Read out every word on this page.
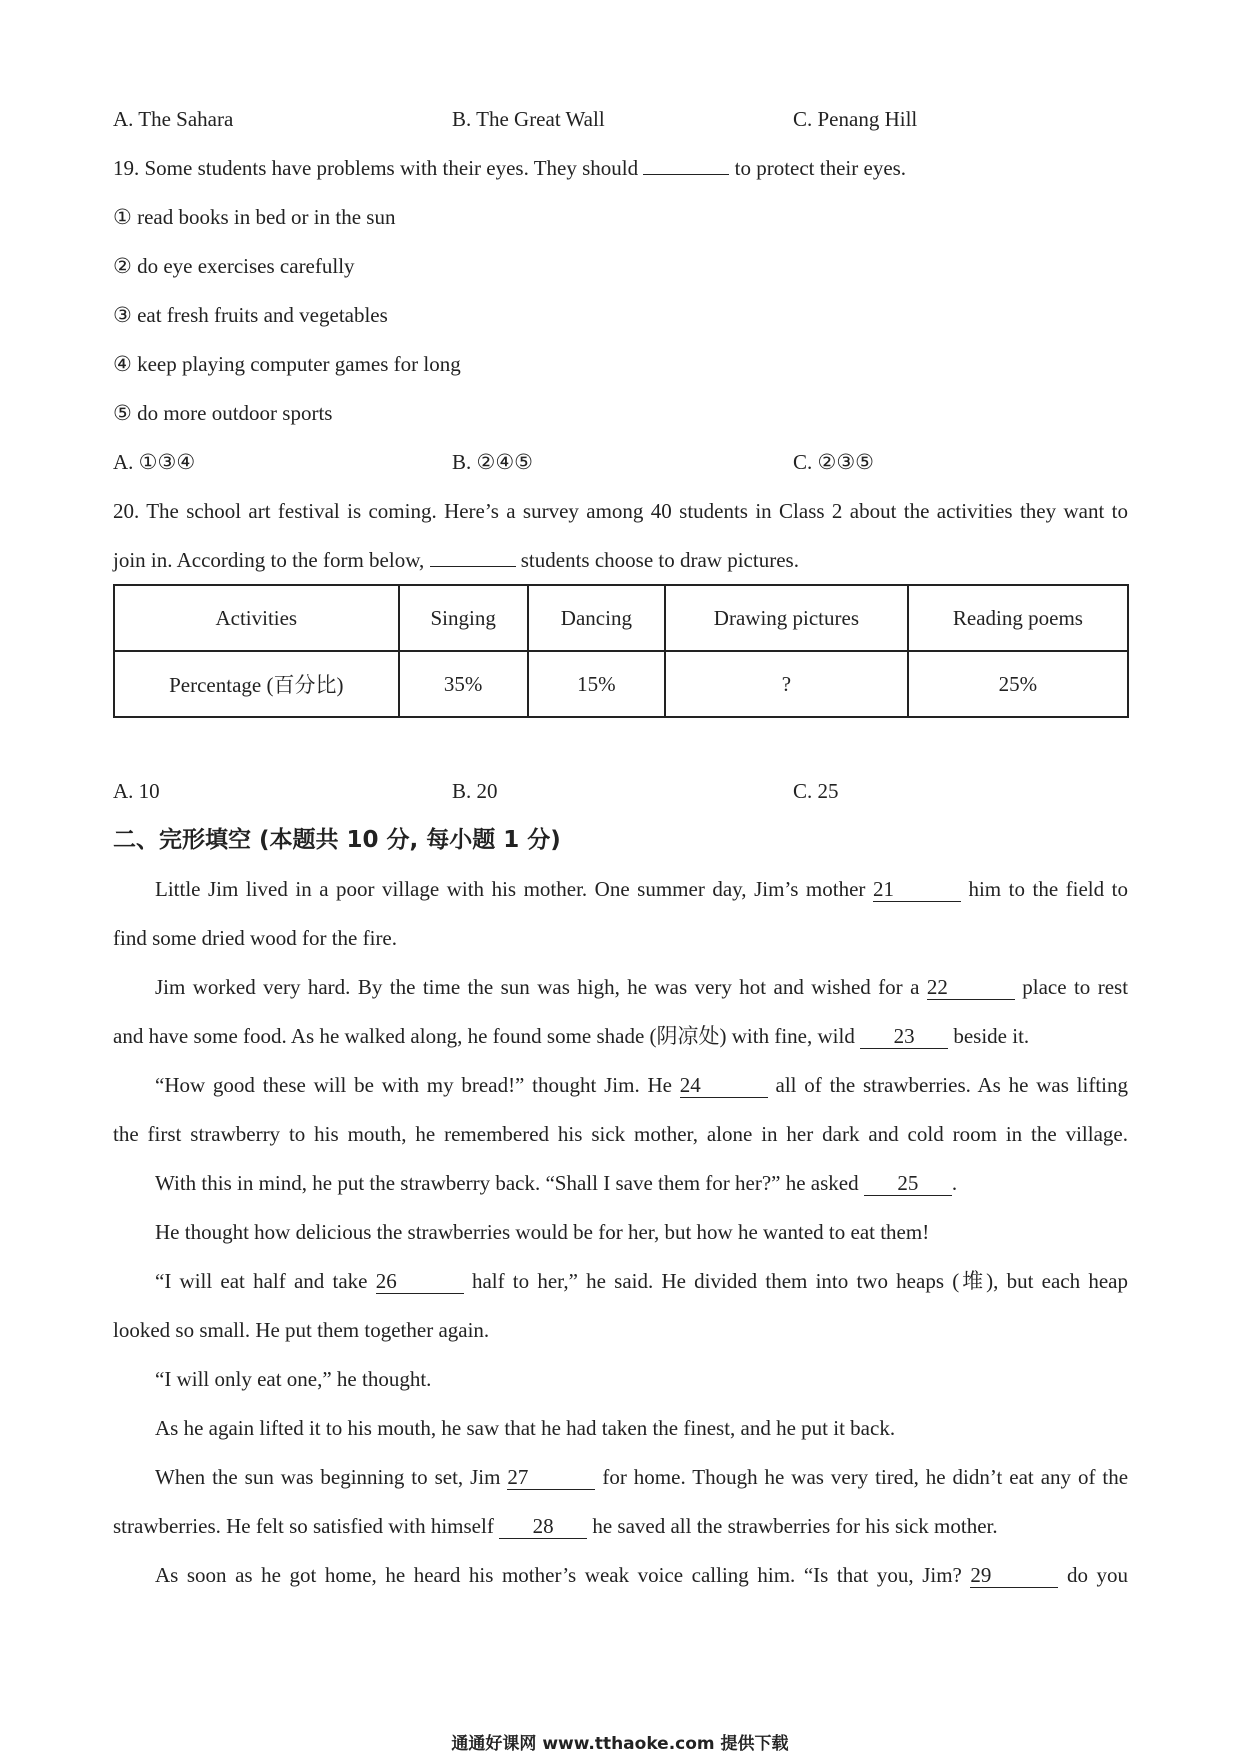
A. The Sahara	B. The Great Wall	C. Penang Hill
19. Some students have problems with their eyes. They should	to protect their eyes.
① read books in bed or in the sun
② do eye exercises carefully
③ eat fresh fruits and vegetables
④ keep playing computer games for long
⑤ do more outdoor sports
A. ①③④	B. ②④⑤	C. ②③⑤
20. The school art festival is coming. Here’s a survey among 40 students in Class 2 about the activities they want to
join in. According to the form below,	students choose to draw pictures.
Activities	Singing	Dancing	Drawing pictures	Reading poems
Percentage (百分比)	35%	15%	?	25%
A. 10	B. 20	C. 25
二、完形填空 (本题共 10 分, 每小题 1 分)
Little Jim lived in a poor village with his mother. One summer day, Jim’s mother 21	him to the field to
find some dried wood for the fire.
Jim worked very hard. By the time the sun was high, he was very hot and wished for a 22	place to rest
and have some food. As he walked along, he found some shade (阴凉处) with fine, wild 23 beside it.
“How good these will be with my bread!” thought Jim. He 24	all of the strawberries. As he was lifting
the first strawberry to his mouth, he remembered his sick mother, alone in her dark and cold room in the village.
With this in mind, he put the strawberry back. “Shall I save them for her?” he asked 25 .
He thought how delicious the strawberries would be for her, but how he wanted to eat them!
“I will eat half and take 26	half to her,” he said. He divided them into two heaps (堆), but each heap
looked so small. He put them together again.
“I will only eat one,” he thought.
As he again lifted it to his mouth, he saw that he had taken the finest, and he put it back.
When the sun was beginning to set, Jim 27	for home. Though he was very tired, he didn’t eat any of the
strawberries. He felt so satisfied with himself 28 he saved all the strawberries for his sick mother.
As soon as he got home, he heard his mother’s weak voice calling him. “Is that you, Jim? 29	do you
通通好课网 www.tthaoke.com 提供下载
